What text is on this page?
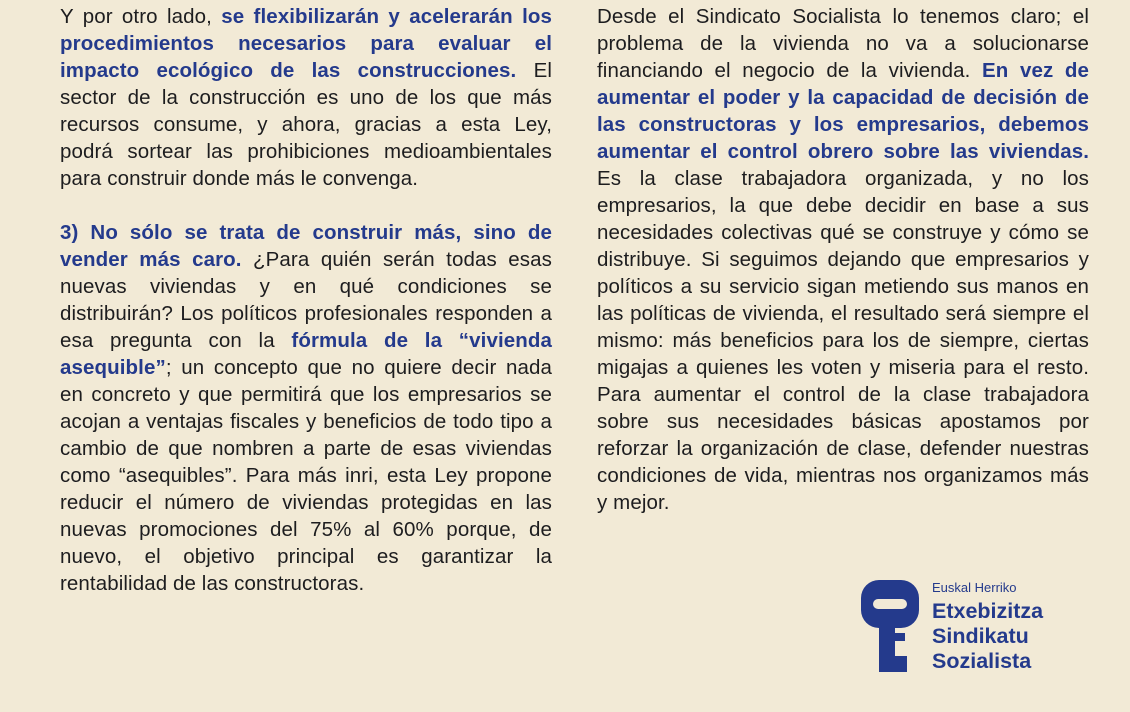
Y por otro lado, se flexibilizarán y acelerarán los procedimientos necesarios para evaluar el impacto ecológico de las construcciones. El sector de la construcción es uno de los que más recursos consume, y ahora, gracias a esta Ley, podrá sortear las prohibiciones medioambientales para construir donde más le convenga.

3) No sólo se trata de construir más, sino de vender más caro. ¿Para quién serán todas esas nuevas viviendas y en qué condiciones se distribuirán? Los políticos profesionales responden a esa pregunta con la fórmula de la “vivienda asequible”; un concepto que no quiere decir nada en concreto y que permitirá que los empresarios se acojan a ventajas fiscales y beneficios de todo tipo a cambio de que nombren a parte de esas viviendas como “asequibles”. Para más inri, esta Ley propone reducir el número de viviendas protegidas en las nuevas promociones del 75% al 60% porque, de nuevo, el objetivo principal es garantizar la rentabilidad de las constructoras.

Desde el Sindicato Socialista lo tenemos claro; el problema de la vivienda no va a solucionarse financiando el negocio de la vivienda. En vez de aumentar el poder y la capacidad de decisión de las constructoras y los empresarios, debemos aumentar el control obrero sobre las viviendas. Es la clase trabajadora organizada, y no los empresarios, la que debe decidir en base a sus necesidades colectivas qué se construye y cómo se distribuye. Si seguimos dejando que empresarios y políticos a su servicio sigan metiendo sus manos en las políticas de vivienda, el resultado será siempre el mismo: más beneficios para los de siempre, ciertas migajas a quienes les voten y miseria para el resto. Para aumentar el control de la clase trabajadora sobre sus necesidades básicas apostamos por reforzar la organización de clase, defender nuestras condiciones de vida, mientras nos organizamos más y mejor.

Euskal Herriko
Etxebizitza
Sindikatu
Sozialista
